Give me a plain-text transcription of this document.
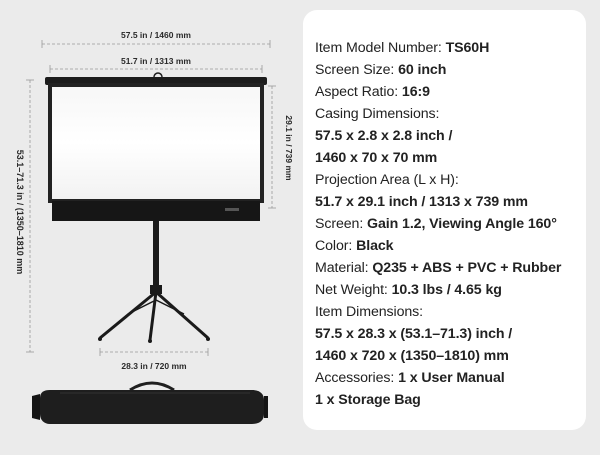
57.5 in / 1460 mm
51.7 in / 1313 mm
53.1–71.3 in / (1350–1810 mm
29.1 in / 739 mm
28.3 in / 720 mm
Item Model Number: TS60H
Screen Size: 60 inch
Aspect Ratio: 16:9
Casing Dimensions:
57.5 x 2.8 x 2.8 inch /
1460 x 70 x 70 mm
Projection Area (L x H):
51.7 x 29.1 inch / 1313 x 739 mm
Screen: Gain 1.2, Viewing Angle 160°
Color: Black
Material: Q235 + ABS + PVC + Rubber
Net Weight: 10.3 lbs / 4.65 kg
Item Dimensions:
57.5 x 28.3 x (53.1–71.3) inch /
1460 x 720 x (1350–1810) mm
Accessories: 1 x User Manual
1 x Storage Bag
